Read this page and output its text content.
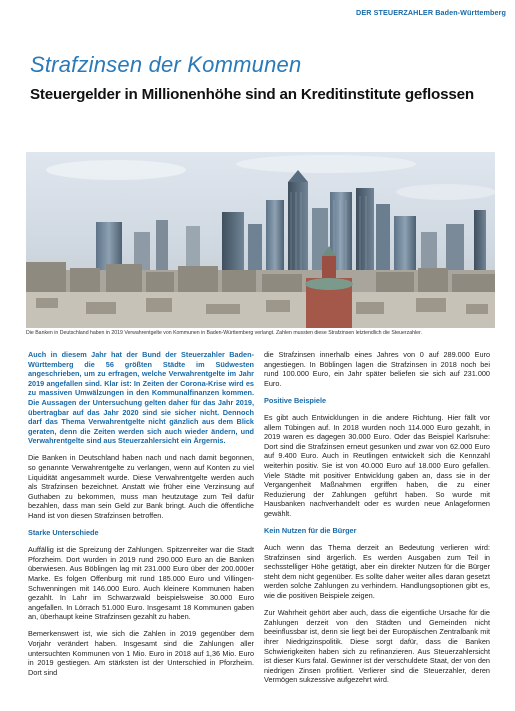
DER STEUERZAHLER Baden-Württemberg
Strafzinsen der Kommunen
Steuergelder in Millionenhöhe sind an Kreditinstitute geflossen
Die Banken in Deutschland haben in 2019 Verwahrentgelte von Kommunen in Baden-Württemberg verlangt. Zahlen mussten diese Strafzinsen letztendlich die Steuerzahler.

Auch in diesem Jahr hat der Bund der Steuerzahler Baden-Württemberg die 56 größten Städte im Südwesten angeschrieben, um zu erfragen, welche Verwahrentgelte im Jahr 2019 angefallen sind. Klar ist: In Zeiten der Corona-Krise wird es zu massiven Umwälzungen in den Kommunalfinanzen kommen. Die Aussagen der Untersuchung gelten daher für das Jahr 2019, übertragbar auf das Jahr 2020 sind sie sicher nicht. Dennoch darf das Thema Verwahrentgelte nicht gänzlich aus dem Blick geraten, denn die Zeiten werden sich auch wieder ändern, und Verwahrentgelte sind aus Steuerzahlersicht ein Ärgernis.

Die Banken in Deutschland haben nach und nach damit begonnen, so genannte Verwahrentgelte zu verlangen, wenn auf Konten zu viel Liquidität angesammelt wurde. Diese Verwahrentgelte werden auch als Strafzinsen bezeichnet. Anstatt wie früher eine Verzinsung auf Guthaben zu bekommen, muss man heutzutage zum Teil dafür bezahlen, dass man sein Geld zur Bank bringt. Auch die öffentliche Hand ist von diesen Strafzinsen betroffen.

Starke Unterschiede

Auffällig ist die Spreizung der Zahlungen. Spitzenreiter war die Stadt Pforzheim. Dort wurden in 2019 rund 290.000 Euro an die Banken überwiesen. Aus Böblingen lag mit 231.000 Euro über der 200.000er Marke. Es folgen Offenburg mit rund 185.000 Euro und Villingen-Schwenningen mit 146.000 Euro. Auch kleinere Kommunen haben gezahlt. In Lahr im Schwarzwald beispielsweise 30.000 Euro angefallen. In Lörrach 51.000 Euro. Insgesamt 18 Kommunen gaben an, überhaupt keine Strafzinsen gezahlt zu haben.

Bemerkenswert ist, wie sich die Zahlen in 2019 gegenüber dem Vorjahr verändert haben. Insgesamt sind die Zahlungen aller untersuchten Kommunen von 1 Mio. Euro in 2018 auf 1,36 Mio. Euro in 2019 gestiegen. Am stärksten ist der Unterschied in Pforzheim. Dort sind

die Strafzinsen innerhalb eines Jahres von 0 auf 289.000 Euro angestiegen. In Böblingen lagen die Strafzinsen in 2018 noch bei rund 100.000 Euro, ein Jahr später beliefen sie sich auf 231.000 Euro.

Positive Beispiele

Es gibt auch Entwicklungen in die andere Richtung. Hier fällt vor allem Tübingen auf. In 2018 wurden noch 114.000 Euro gezahlt, in 2019 waren es dagegen 30.000 Euro. Oder das Beispiel Karlsruhe: Dort sind die Strafzinsen erneut gesunken und zwar von 62.000 Euro auf 9.400 Euro. Auch in Reutlingen entwickelt sich die Kennzahl weiterhin positiv. Sie ist von 40.000 Euro auf 18.000 Euro gefallen. Viele Städte mit positiver Entwicklung gaben an, dass sie in der Vergangenheit Maßnahmen ergriffen haben, die zu einer Reduzierung der Zahlungen geführt haben. So wurde mit Hausbanken nachverhandelt oder es wurden neue Anlageformen gewählt.

Kein Nutzen für die Bürger

Auch wenn das Thema derzeit an Bedeutung verlieren wird: Strafzinsen sind ärgerlich. Es werden Ausgaben zum Teil in sechsstelliger Höhe getätigt, aber ein direkter Nutzen für die Bürger steht dem nicht gegenüber. Es sollte daher weiter alles daran gesetzt werden solche Zahlungen zu verhindern. Handlungsoptionen gibt es, wie die positiven Beispiele zeigen.

Zur Wahrheit gehört aber auch, dass die eigentliche Ursache für die Zahlungen derzeit von den Städten und Gemeinden nicht beeinflussbar ist, denn sie liegt bei der Europäischen Zentralbank mit ihrer Niedrigzinspolitik. Diese sorgt dafür, dass die Banken Schwierigkeiten haben sich zu refinanzieren. Aus Steuerzahlersicht ist dieser Kurs fatal. Gewinner ist der verschuldete Staat, der von den niedrigen Zinsen profitiert. Verlierer sind die Steuerzahler, deren Vermögen sukzessive aufgezehrt wird.
